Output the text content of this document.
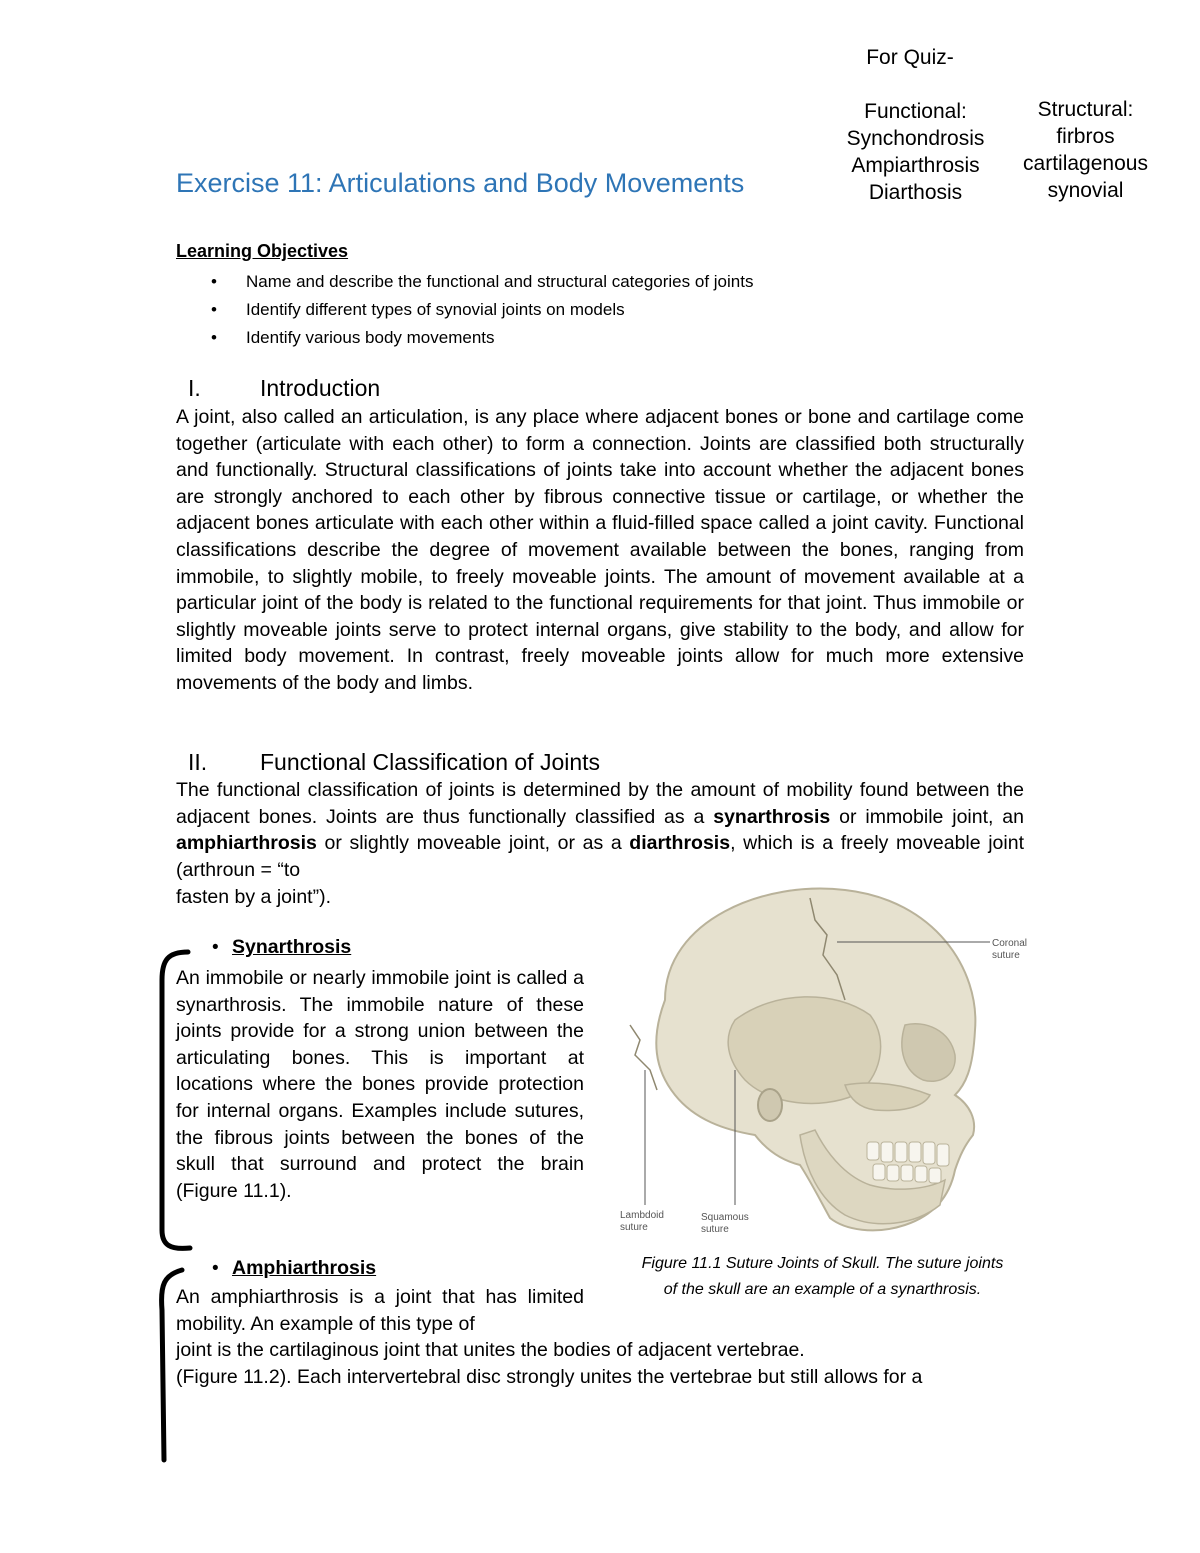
For Quiz-
Functional:
Synchondrosis
Ampiarthrosis
Diarthosis
Structural:
firbros
cartilagenous
synovial
Exercise 11: Articulations and Body Movements
Learning Objectives
• Name and describe the functional and structural categories of joints
• Identify different types of synovial joints on models
• Identify various body movements
I.	Introduction
A joint, also called an articulation, is any place where adjacent bones or bone and cartilage come together (articulate with each other) to form a connection. Joints are classified both structurally and functionally. Structural classifications of joints take into account whether the adjacent bones are strongly anchored to each other by fibrous connective tissue or cartilage, or whether the adjacent bones articulate with each other within a fluid-filled space called a joint cavity. Functional classifications describe the degree of movement available between the bones, ranging from immobile, to slightly mobile, to freely moveable joints. The amount of movement available at a particular joint of the body is related to the functional requirements for that joint. Thus immobile or slightly moveable joints serve to protect internal organs, give stability to the body, and allow for limited body movement. In contrast, freely moveable joints allow for much more extensive movements of the body and limbs.
II. Functional Classification of Joints
The functional classification of joints is determined by the amount of mobility found between the adjacent bones. Joints are thus functionally classified as a synarthrosis or immobile joint, an amphiarthrosis or slightly moveable joint, or as a diarthrosis, which is a freely moveable joint (arthroun = “to
fasten by a joint”).
• Synarthrosis
An immobile or nearly immobile joint is called a synarthrosis. The immobile nature of these joints provide for a strong union between the articulating bones. This is important at locations where the bones provide protection for internal organs. Examples include sutures, the fibrous joints between the bones of the skull that surround and protect the brain (Figure 11.1).
• Amphiarthrosis
An amphiarthrosis is a joint that has limited mobility. An example of this type of
joint is the cartilaginous joint that unites the bodies of adjacent vertebrae.
(Figure 11.2). Each intervertebral disc strongly unites the vertebrae but still allows for a
Coronal
suture
Lambdoid
suture
Squamous
suture
Figure 11.1 Suture Joints of Skull. The suture joints
of the skull are an example of a synarthrosis.
